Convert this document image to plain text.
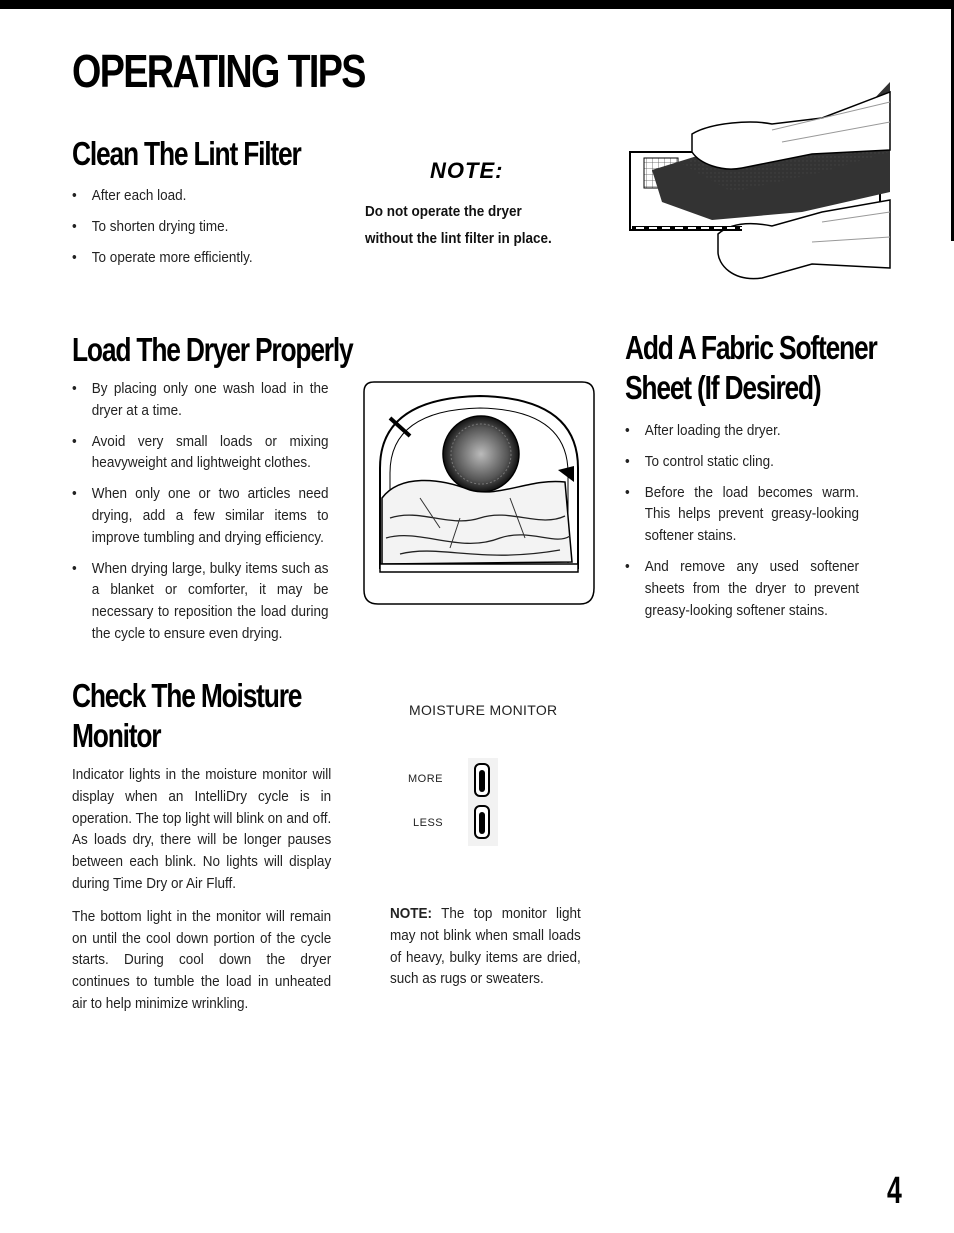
OPERATING TIPS
Clean The Lint Filter
• After each load.
• To shorten drying time.
• To operate more efficiently.
NOTE:
Do not operate the dryer without the lint filter in place.
Load The Dryer Properly
• By placing only one wash load in the dryer at a time.
• Avoid very small loads or mixing heavyweight and lightweight clothes.
• When only one or two articles need drying, add a few similar items to improve tumbling and drying efficiency.
• When drying large, bulky items such as a blanket or comforter, it may be necessary to reposition the load during the cycle to ensure even drying.
Add A Fabric Softener
Sheet (If Desired)
• After loading the dryer.
• To control static cling.
• Before the load becomes warm. This helps prevent greasy-looking softener stains.
• And remove any used softener sheets from the dryer to prevent greasy-looking softener stains.
Check The Moisture
Monitor

Indicator lights in the moisture monitor will display when an IntelliDry cycle is in operation. The top light will blink on and off. As loads dry, there will be longer pauses between each blink. No lights will display during Time Dry or Air Fluff.

The bottom light in the monitor will remain on until the cool down portion of the cycle starts. During cool down the dryer continues to tumble the load in unheated air to help minimize wrinkling.

MOISTURE MONITOR
MORE
LESS
NOTE: The top monitor light may not blink when small loads of heavy, bulky items are dried, such as rugs or sweaters.
4
